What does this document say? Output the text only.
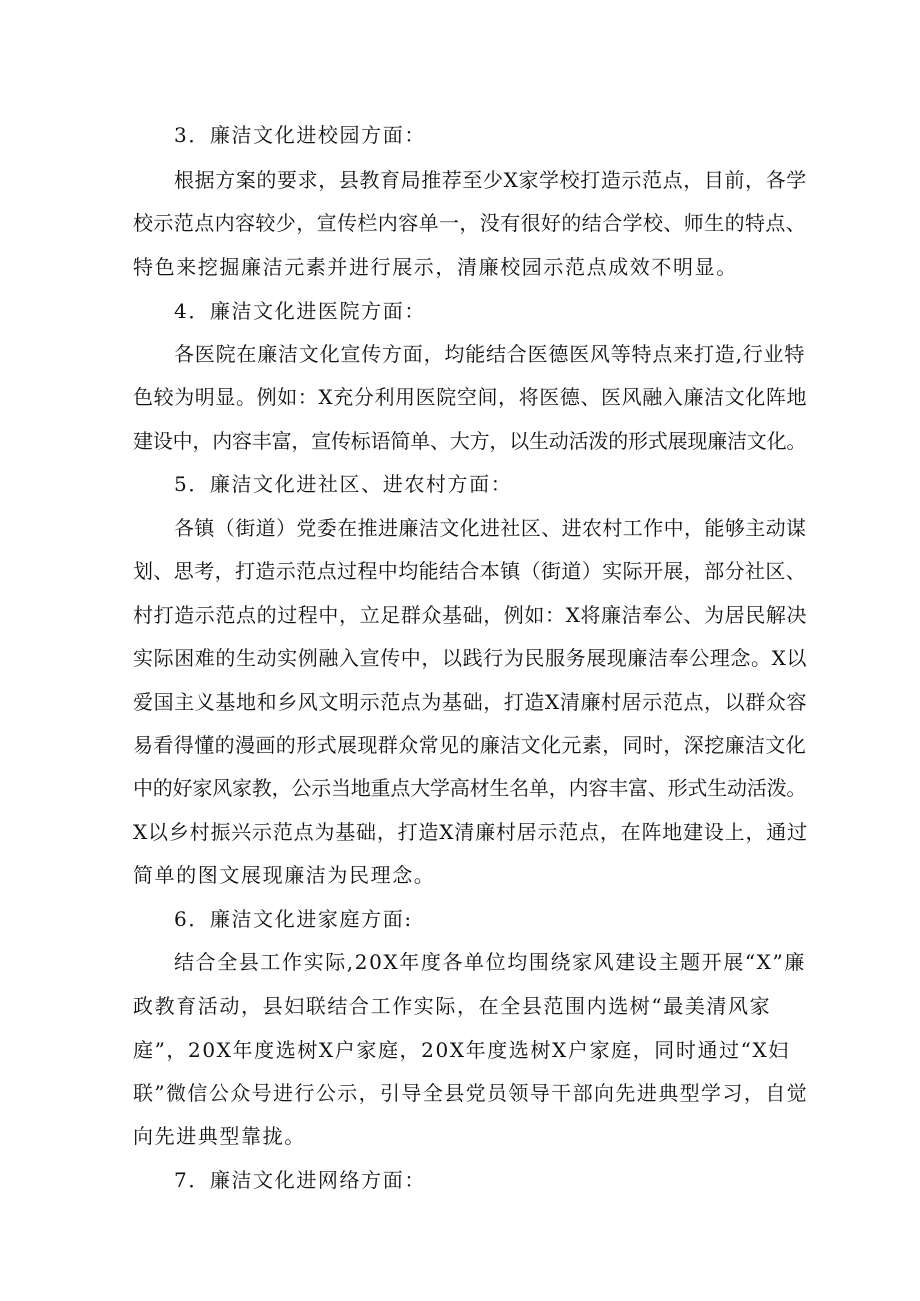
3．廉洁文化进校园方面：
根据方案的要求，县教育局推荐至少X家学校打造示范点，目前，各学
校示范点内容较少，宣传栏内容单一，没有很好的结合学校、师生的特点、
特色来挖掘廉洁元素并进行展示，清廉校园示范点成效不明显。
4．廉洁文化进医院方面：
各医院在廉洁文化宣传方面，均能结合医德医风等特点来打造,行业特
色较为明显。例如：X充分利用医院空间，将医德、医风融入廉洁文化阵地
建设中，内容丰富，宣传标语简单、大方，以生动活泼的形式展现廉洁文化。
5．廉洁文化进社区、进农村方面：
各镇（街道）党委在推进廉洁文化进社区、进农村工作中，能够主动谋
划、思考，打造示范点过程中均能结合本镇（街道）实际开展，部分社区、
村打造示范点的过程中，立足群众基础，例如：X将廉洁奉公、为居民解决
实际困难的生动实例融入宣传中，以践行为民服务展现廉洁奉公理念。X以
爱国主义基地和乡风文明示范点为基础，打造X清廉村居示范点，以群众容
易看得懂的漫画的形式展现群众常见的廉洁文化元素，同时，深挖廉洁文化
中的好家风家教，公示当地重点大学高材生名单，内容丰富、形式生动活泼。
X以乡村振兴示范点为基础，打造X清廉村居示范点，在阵地建设上，通过
简单的图文展现廉洁为民理念。
6．廉洁文化进家庭方面:
结合全县工作实际,20X年度各单位均围绕家风建设主题开展“X”廉
政教育活动，县妇联结合工作实际，在全县范围内选树“最美清风家
庭”，20X年度选树X户家庭，20X年度选树X户家庭，同时通过“X妇
联”微信公众号进行公示，引导全县党员领导干部向先进典型学习，自觉
向先进典型靠拢。
7．廉洁文化进网络方面：
